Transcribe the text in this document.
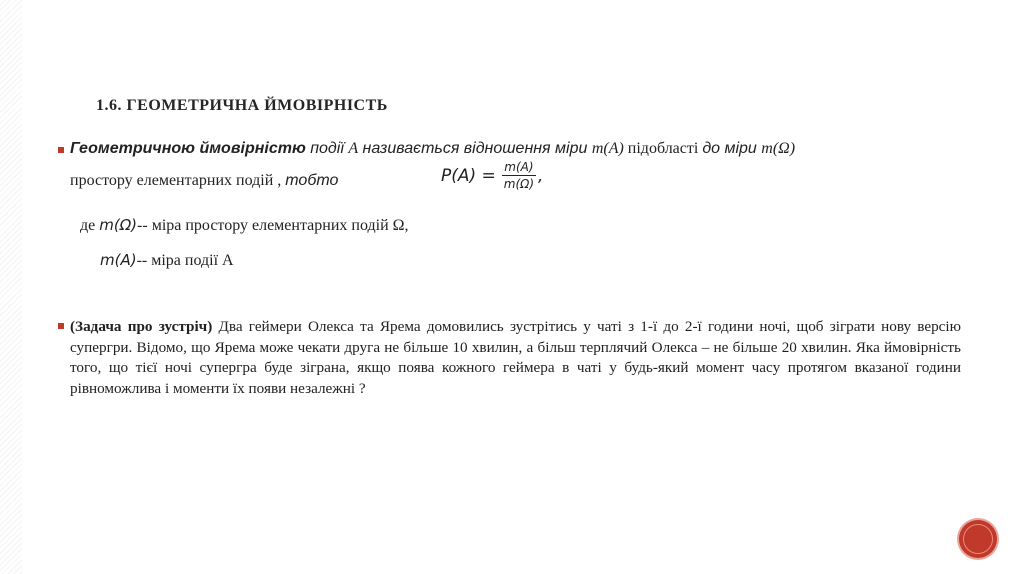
1.6. ГЕОМЕТРИЧНА ЙМОВІРНІСТЬ
Геометричною ймовірністю події A називається відношення міри m(A) підобласті до міри m(Ω)
простору елементарних подій , тобто	$P(A) = \frac{m(A)}{m(\Omega)}$ ,
де m(Ω)-- міра простору елементарних подій Ω,
m(A)-- міра події А

(Задача про зустріч) Два геймери Олекса та Ярема домовились зустрітись у чаті з 1-ї до 2-ї години ночі, щоб зіграти нову версію супергри. Відомо, що Ярема може чекати друга не більше 10 хвилин, а більш терплячий Олекса – не більше 20 хвилин. Яка ймовірність того, що тієї ночі супергра буде зіграна, якщо поява кожного геймера в чаті у будь-який момент часу протягом вказаної години рівноможлива і моменти їх появи незалежні ?
